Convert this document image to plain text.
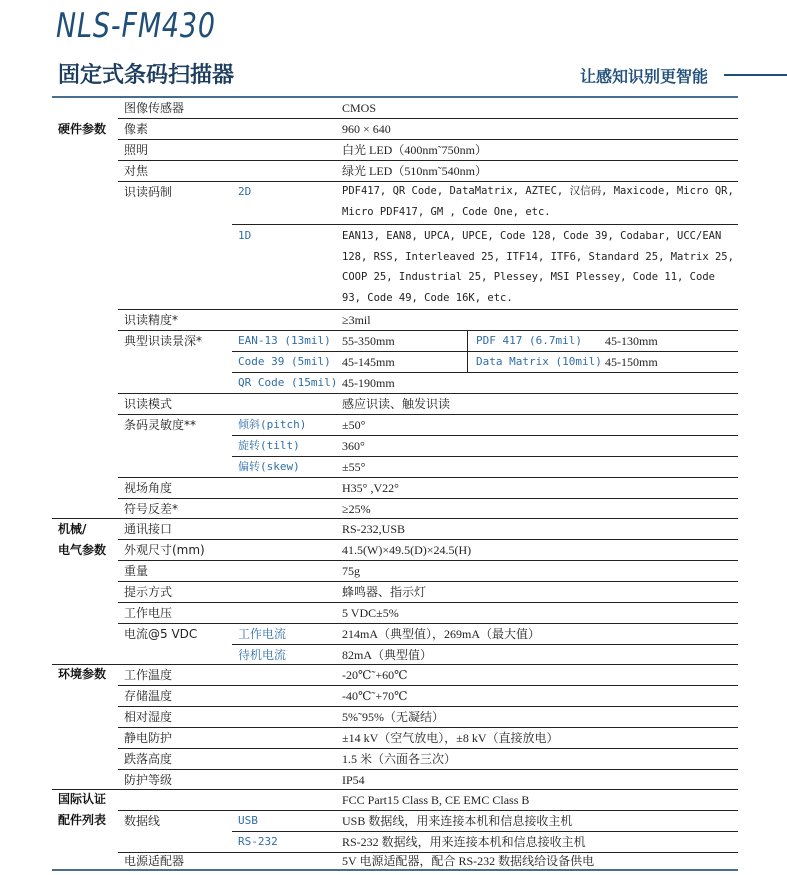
NLS-FM430
固定式条码扫描器	让感知识别更智能
硬件参数
机械/
电气参数
环境参数
国际认证
配件列表
图像传感器	CMOS
像素	960 × 640
照明	白光 LED（400nm˜750nm）
对焦	绿光 LED（510nm˜540nm）
识读码制	2D	PDF417, QR Code, DataMatrix, AZTEC, 汉信码, Maxicode, Micro QR, Micro PDF417, GM , Code One, etc.
1D	EAN13, EAN8, UPCA, UPCE, Code 128, Code 39, Codabar, UCC/EAN 128, RSS, Interleaved 25, ITF14, ITF6, Standard 25, Matrix 25, COOP 25, Industrial 25, Plessey, MSI Plessey, Code 11, Code 93, Code 49, Code 16K, etc.
识读精度*	≥3mil
典型识读景深*	EAN-13 (13mil) 55-350mm	PDF 417 (6.7mil) 45-130mm
Code 39 (5mil) 45-145mm	Data Matrix (10mil) 45-150mm
QR Code (15mil) 45-190mm
识读模式	感应识读、触发识读
条码灵敏度**	倾斜(pitch)	±50°
旋转(tilt)	360°
偏转(skew)	±55°
视场角度	H35° ,V22°
符号反差*	≥25%
通讯接口	RS-232,USB
外观尺寸(mm)	41.5(W)×49.5(D)×24.5(H)
重量	75g
提示方式	蜂鸣器、指示灯
工作电压	5 VDC±5%
电流@5 VDC	工作电流	214mA（典型值），269mA（最大值）
待机电流	82mA（典型值）
工作温度	-20℃˜+60℃
存储温度	-40℃˜+70℃
相对湿度	5%˜95%（无凝结）
静电防护	±14 kV（空气放电），±8 kV（直接放电）
跌落高度	1.5 米（六面各三次）
防护等级	IP54
FCC Part15 Class B, CE EMC Class B
数据线	USB	USB 数据线，用来连接本机和信息接收主机
RS-232	RS-232 数据线，用来连接本机和信息接收主机
电源适配器	5V 电源适配器，配合 RS-232 数据线给设备供电
